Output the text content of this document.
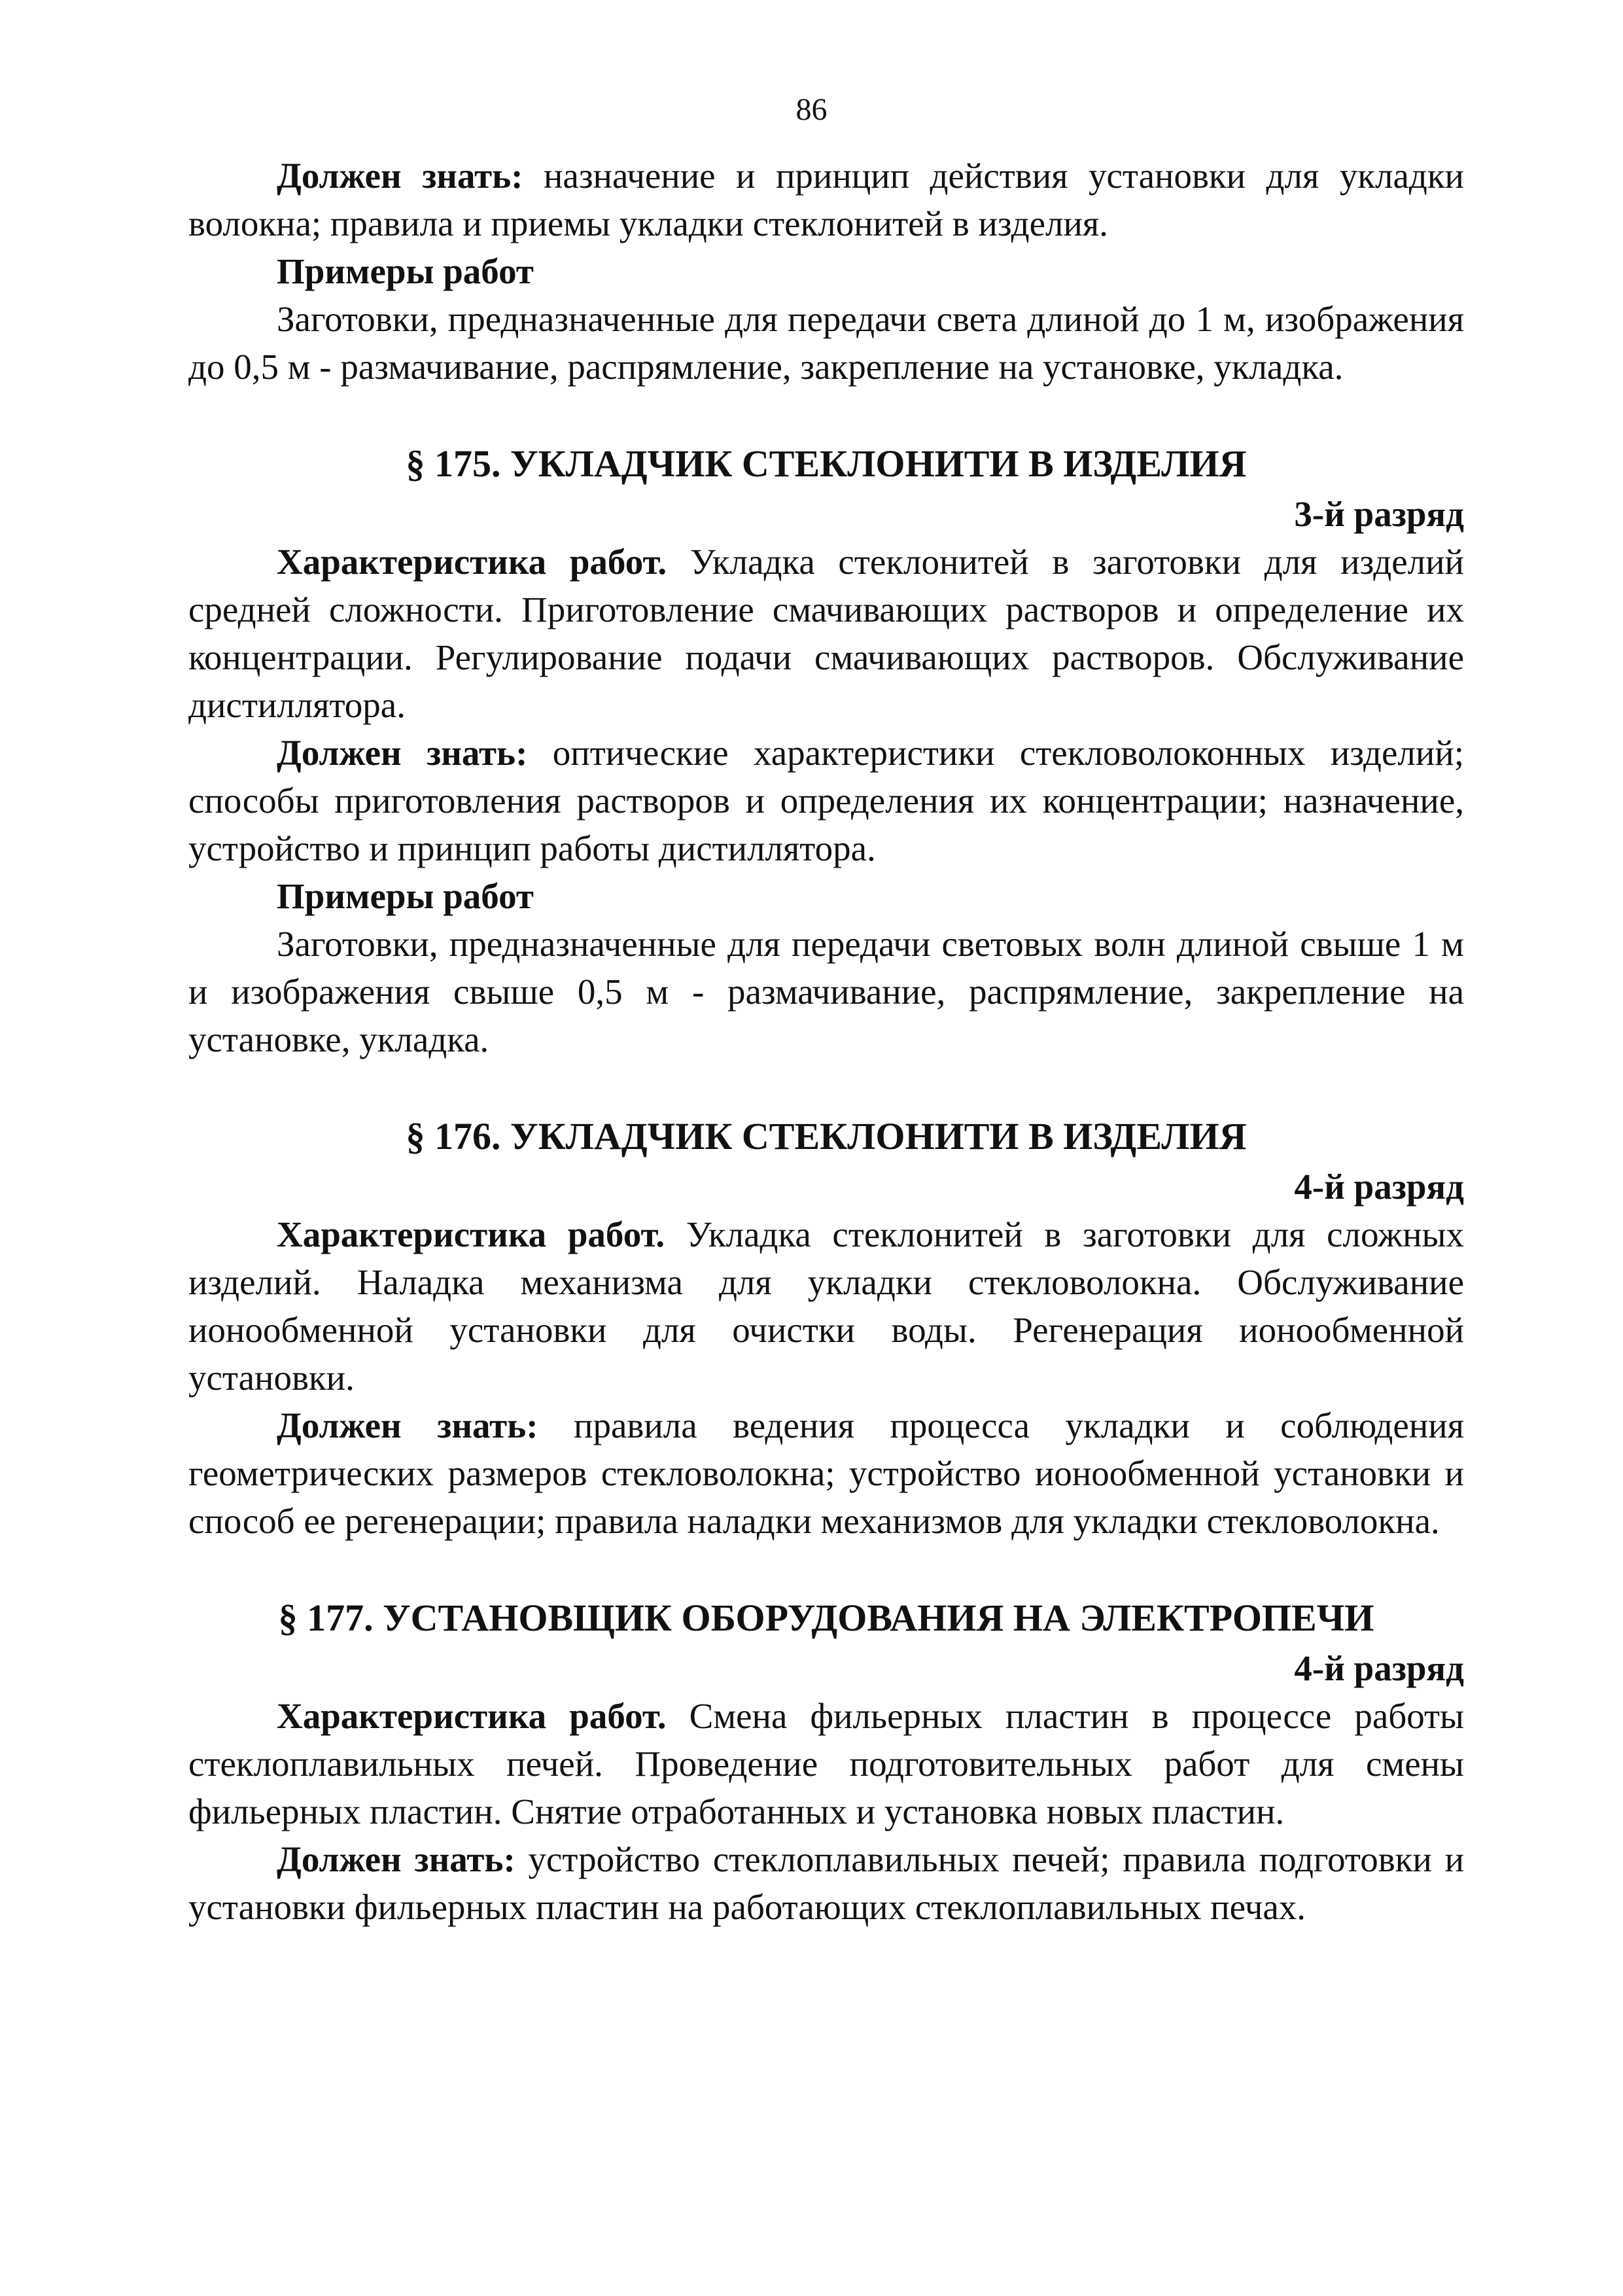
86

Должен знать: назначение и принцип действия установки для укладки волокна; правила и приемы укладки стеклонитей в изделия.

Примеры работ

Заготовки, предназначенные для передачи света длиной до 1 м, изображения до 0,5 м - размачивание, распрямление, закрепление на установке, укладка.

§ 175. УКЛАДЧИК СТЕКЛОНИТИ В ИЗДЕЛИЯ

3-й разряд

Характеристика работ. Укладка стеклонитей в заготовки для изделий средней сложности. Приготовление смачивающих растворов и определение их концентрации. Регулирование подачи смачивающих растворов. Обслуживание дистиллятора.

Должен знать: оптические характеристики стекловолоконных изделий; способы приготовления растворов и определения их концентрации; назначение, устройство и принцип работы дистиллятора.

Примеры работ

Заготовки, предназначенные для передачи световых волн длиной свыше 1 м и изображения свыше 0,5 м - размачивание, распрямление, закрепление на установке, укладка.

§ 176. УКЛАДЧИК СТЕКЛОНИТИ В ИЗДЕЛИЯ

4-й разряд

Характеристика работ. Укладка стеклонитей в заготовки для сложных изделий. Наладка механизма для укладки стекловолокна. Обслуживание ионообменной установки для очистки воды. Регенерация ионообменной установки.

Должен знать: правила ведения процесса укладки и соблюдения геометрических размеров стекловолокна; устройство ионообменной установки и способ ее регенерации; правила наладки механизмов для укладки стекловолокна.

§ 177. УСТАНОВЩИК ОБОРУДОВАНИЯ НА ЭЛЕКТРОПЕЧИ

4-й разряд

Характеристика работ. Смена фильерных пластин в процессе работы стеклоплавильных печей. Проведение подготовительных работ для смены фильерных пластин. Снятие отработанных и установка новых пластин.

Должен знать: устройство стеклоплавильных печей; правила подготовки и установки фильерных пластин на работающих стеклоплавильных печах.
